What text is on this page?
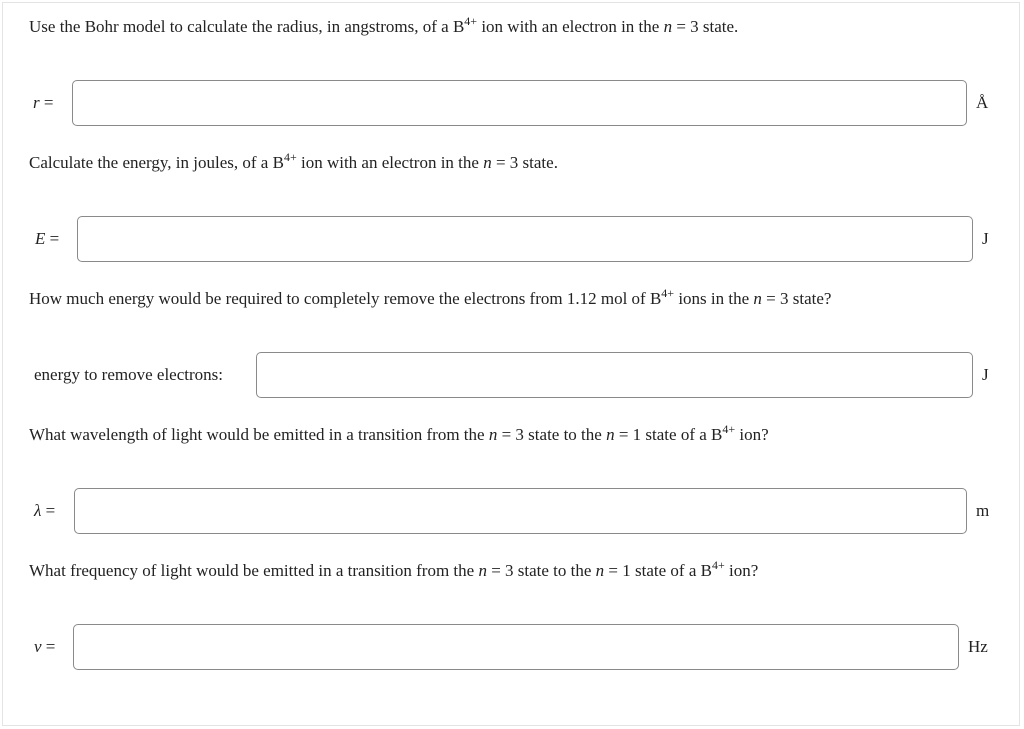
Use the Bohr model to calculate the radius, in angstroms, of a $B^{4+}$ ion with an electron in the n = 3 state.
r =	Å
Calculate the energy, in joules, of a $B^{4+}$ ion with an electron in the n = 3 state.
E =	J
How much energy would be required to completely remove the electrons from 1.12 mol of $B^{4+}$ ions in the n = 3 state?
energy to remove electrons:	J
What wavelength of light would be emitted in a transition from the n = 3 state to the n = 1 state of a $B^{4+}$ ion?
λ =	m
What frequency of light would be emitted in a transition from the n = 3 state to the n = 1 state of a $B^{4+}$ ion?
ν =	Hz
